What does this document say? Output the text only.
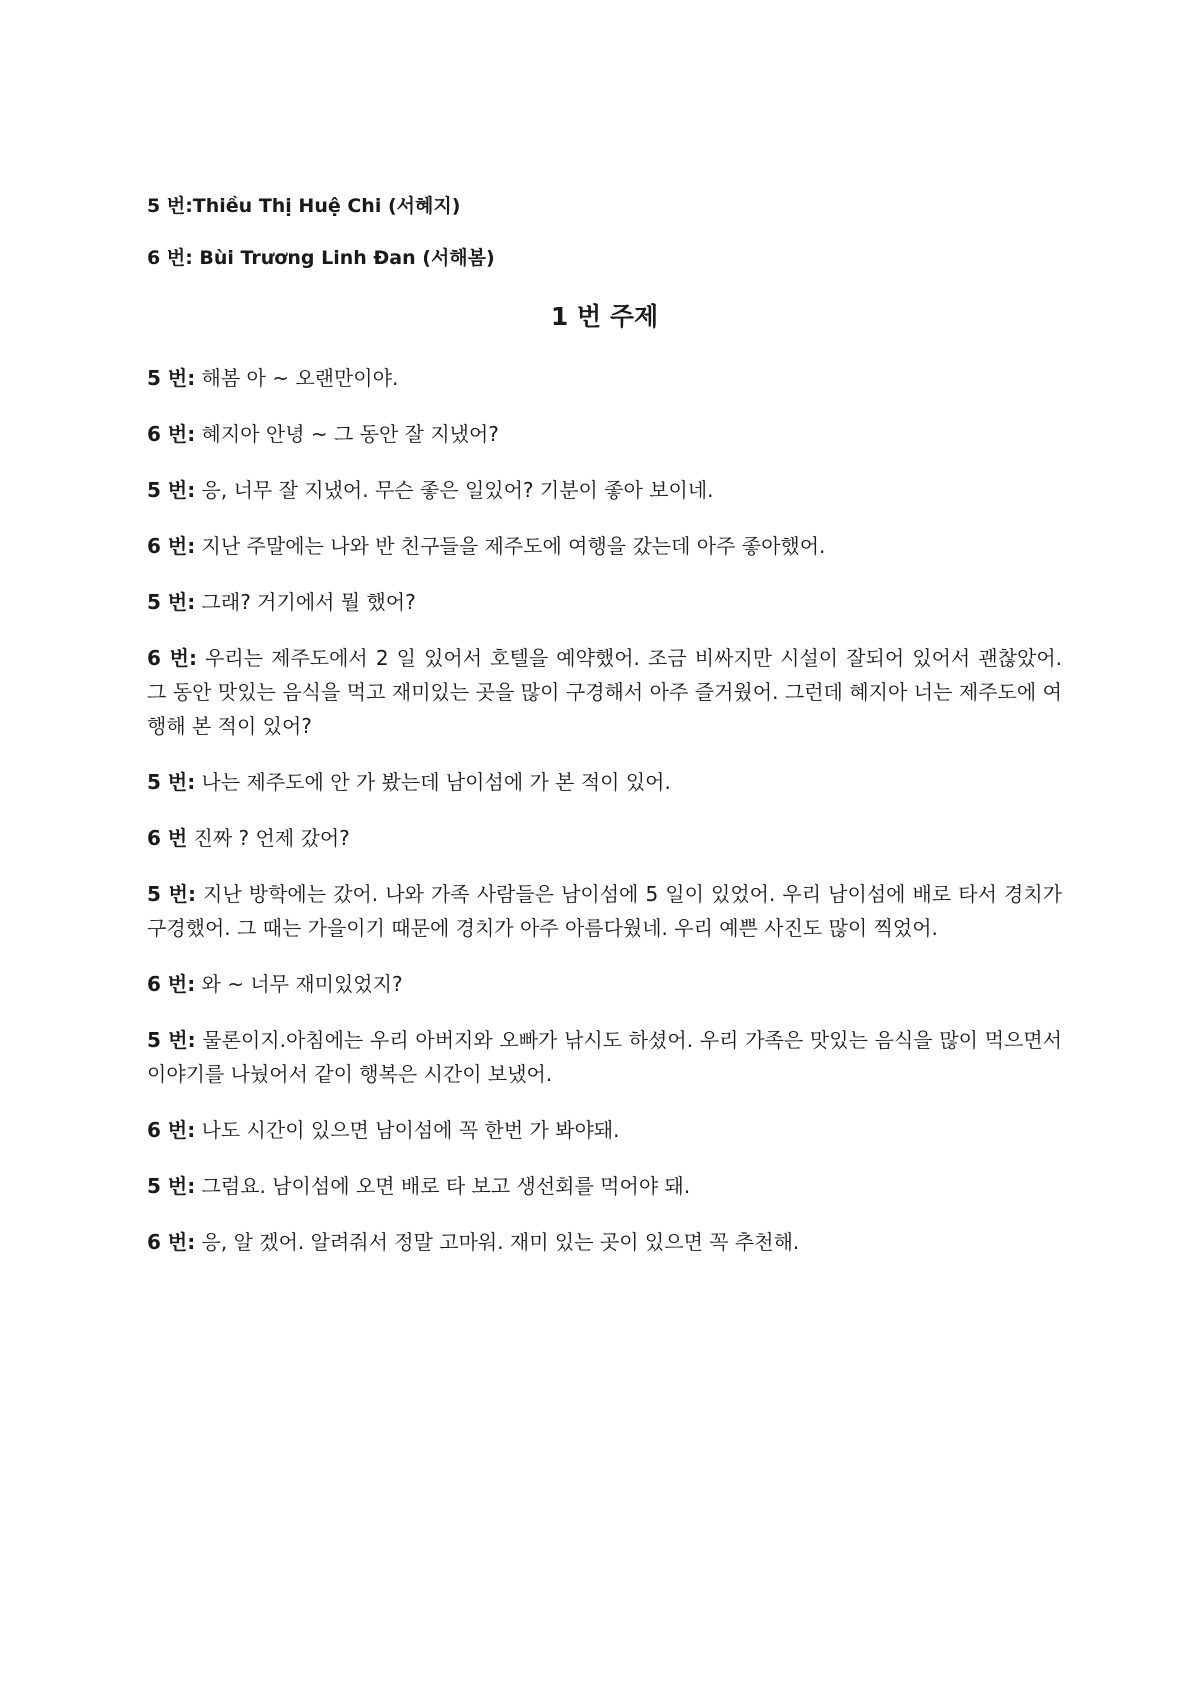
5 번:Thiều Thị Huệ Chi (서혜지)

6 번: Bùi Trương Linh Đan (서해봄)

1 번 주제

5 번: 해봄 아 ~ 오랜만이야.

6 번: 혜지아 안녕 ~ 그 동안 잘 지냈어?

5 번: 응, 너무 잘 지냈어. 무슨 좋은 일있어? 기분이 좋아 보이네.

6 번: 지난 주말에는 나와 반 친구들을 제주도에 여행을 갔는데 아주 좋아했어.

5 번: 그래? 거기에서 뭘 했어?

6 번: 우리는 제주도에서 2 일 있어서 호텔을 예약했어. 조금 비싸지만 시설이 잘되어 있어서 괜찮았어. 그 동안 맛있는 음식을 먹고 재미있는 곳을 많이 구경해서 아주 즐거웠어. 그런데 혜지아 너는 제주도에 여행해 본 적이 있어?

5 번: 나는 제주도에 안 가 봤는데 남이섬에 가 본 적이 있어.

6 번 진짜 ? 언제 갔어?

5 번: 지난 방학에는 갔어. 나와 가족 사람들은 남이섬에 5 일이 있었어. 우리 남이섬에 배로 타서 경치가 구경했어. 그 때는 가을이기 때문에 경치가 아주 아름다웠네. 우리 예쁜 사진도 많이 찍었어.

6 번: 와 ~ 너무 재미있었지?

5 번: 물론이지.아침에는 우리 아버지와 오빠가 낚시도 하셨어. 우리 가족은 맛있는 음식을 많이 먹으면서 이야기를 나눴어서 같이 행복은 시간이 보냈어.

6 번: 나도 시간이 있으면 남이섬에 꼭 한번 가 봐야돼.

5 번: 그럼요. 남이섬에 오면 배로 타 보고 생선회를 먹어야 돼.

6 번: 응, 알 겠어. 알려줘서 정말 고마워. 재미 있는 곳이 있으면 꼭 추천해.
